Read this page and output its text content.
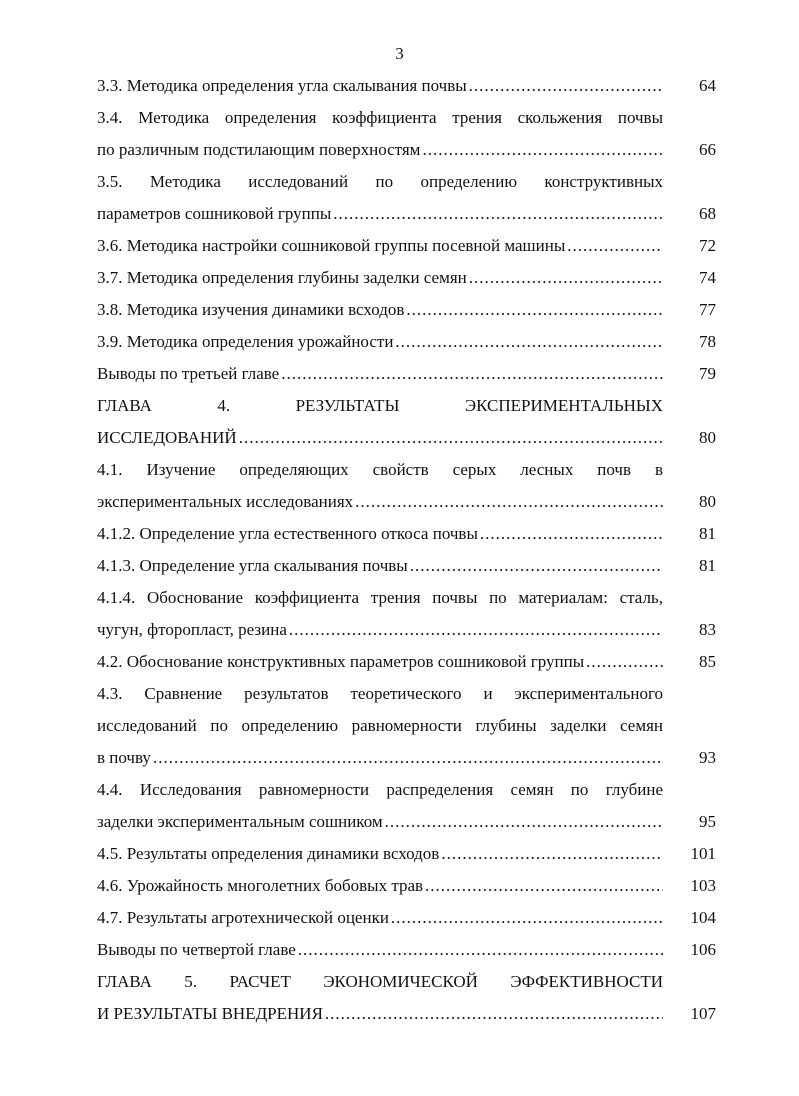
3
3.3. Методика определения угла скалывания почвы .....	64
3.4. Методика определения коэффициента трения скольжения почвы
по различным подстилающим поверхностям .....	66
3.5. Методика исследований по определению конструктивных
параметров сошниковой группы .....	68
3.6. Методика настройки сошниковой группы посевной машины .....	72
3.7. Методика определения глубины заделки семян .....	74
3.8. Методика изучения динамики всходов .....	77
3.9. Методика определения урожайности .....	78
Выводы по третьей главе .....	79
ГЛАВА 4. РЕЗУЛЬТАТЫ ЭКСПЕРИМЕНТАЛЬНЫХ
ИССЛЕДОВАНИЙ .....	80
4.1. Изучение определяющих свойств серых лесных почв в
экспериментальных исследованиях .....	80
4.1.2. Определение угла естественного откоса почвы .....	81
4.1.3. Определение угла скалывания почвы .....	81
4.1.4. Обоснование коэффициента трения почвы по материалам: сталь,
чугун, фторопласт, резина .....	83
4.2. Обоснование конструктивных параметров сошниковой группы .....	85
4.3. Сравнение результатов теоретического и экспериментального
исследований по определению равномерности глубины заделки семян
в почву .....	93
4.4. Исследования равномерности распределения семян по глубине
заделки экспериментальным сошником .....	95
4.5. Результаты определения динамики всходов .....	101
4.6. Урожайность многолетних бобовых трав .....	103
4.7. Результаты агротехнической оценки .....	104
Выводы по четвертой главе .....	106
ГЛАВА 5. РАСЧЕТ ЭКОНОМИЧЕСКОЙ ЭФФЕКТИВНОСТИ
И РЕЗУЛЬТАТЫ ВНЕДРЕНИЯ .....	107
